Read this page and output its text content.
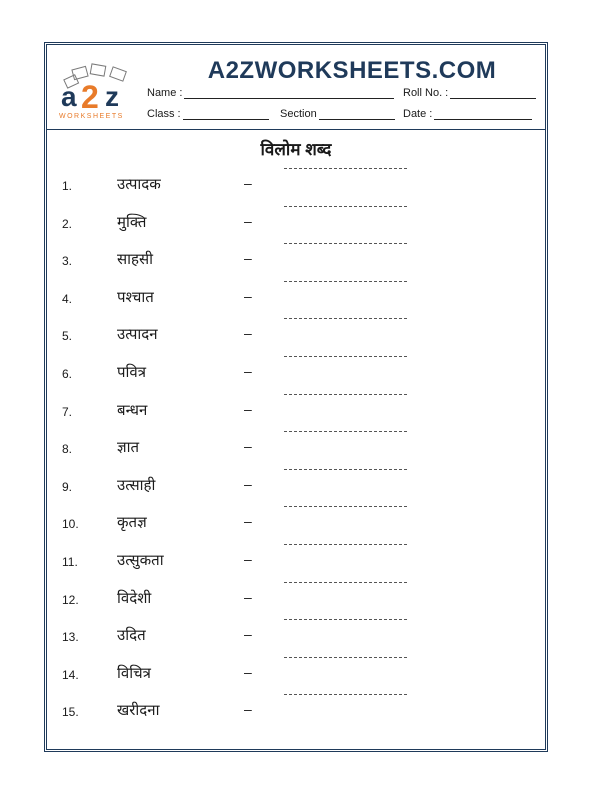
a 2 z
WORKSHEETS
A2ZWORKSHEETS.COM
Name :	Roll No. :
Class :	Section	Date :
विलोम शब्द
1.	उत्पादक	–
2.	मुक्ति	–
3.	साहसी	–
4.	पश्चात	–
5.	उत्पादन	–
6.	पवित्र	–
7.	बन्धन	–
8.	ज्ञात	–
9.	उत्साही	–
10.	कृतज्ञ	–
11.	उत्सुकता	–
12.	विदेशी	–
13.	उदित	–
14.	विचित्र	–
15.	खरीदना	–
